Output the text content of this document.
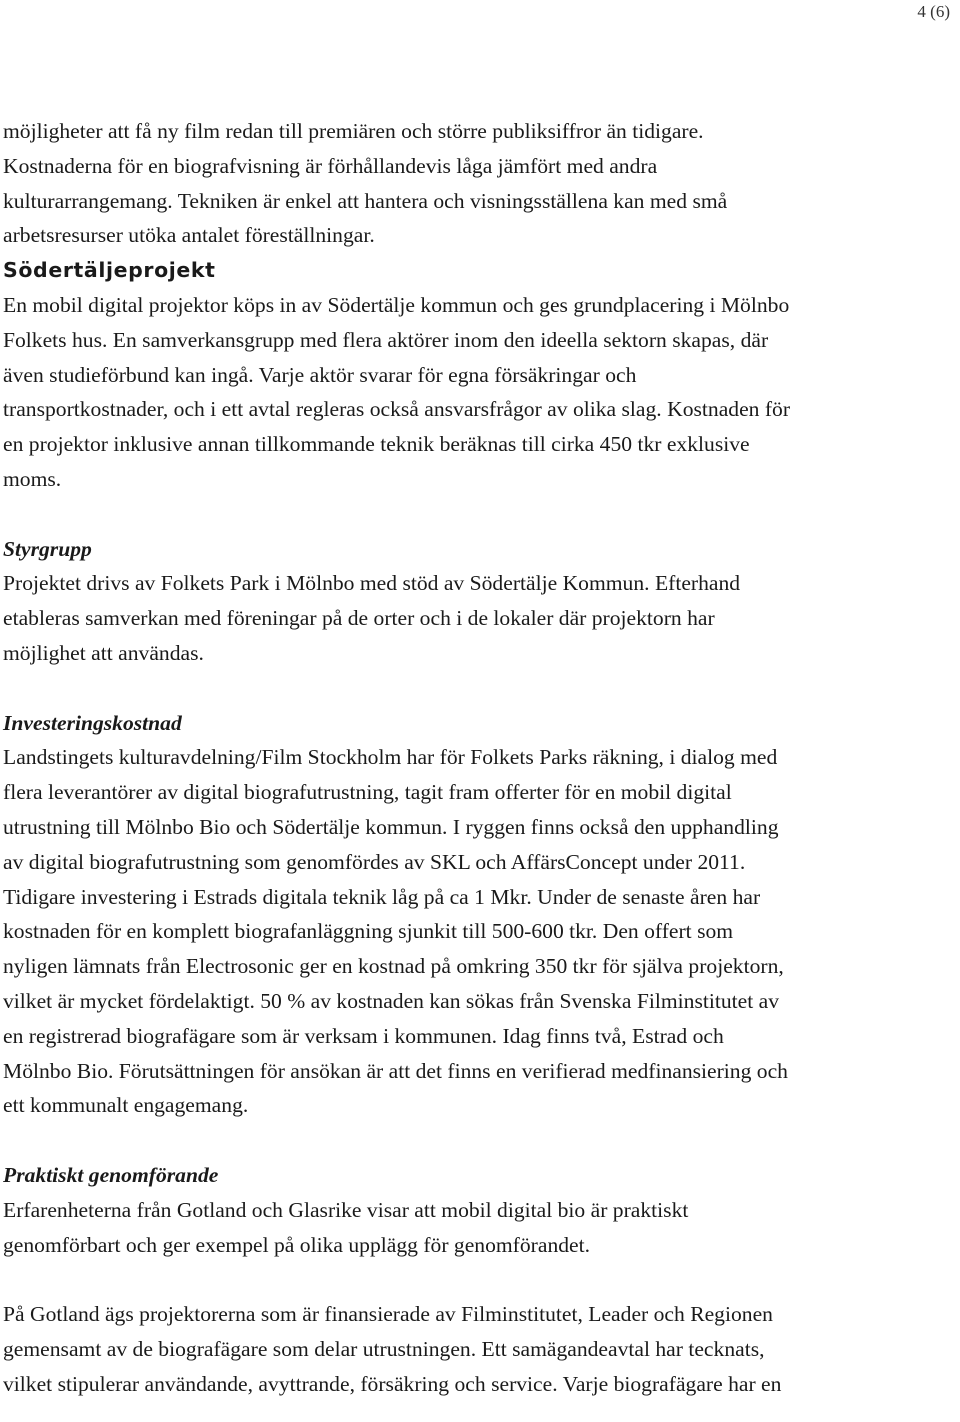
4 (6)

möjligheter att få ny film redan till premiären och större publiksiffror än tidigare.
Kostnaderna för en biografvisning är förhållandevis låga jämfört med andra
kulturarrangemang. Tekniken är enkel att hantera och visningsställena kan med små
arbetsresurser utöka antalet föreställningar.

Södertäljeprojekt

En mobil digital projektor köps in av Södertälje kommun och ges grundplacering i Mölnbo
Folkets hus. En samverkansgrupp med flera aktörer inom den ideella sektorn skapas, där
även studieförbund kan ingå. Varje aktör svarar för egna försäkringar och
transportkostnader, och i ett avtal regleras också ansvarsfrågor av olika slag. Kostnaden för
en projektor inklusive annan tillkommande teknik beräknas till cirka 450 tkr exklusive
moms.

Styrgrupp

Projektet drivs av Folkets Park i Mölnbo med stöd av Södertälje Kommun. Efterhand
etableras samverkan med föreningar på de orter och i de lokaler där projektorn har
möjlighet att användas.

Investeringskostnad

Landstingets kulturavdelning/Film Stockholm har för Folkets Parks räkning, i dialog med
flera leverantörer av digital biografutrustning, tagit fram offerter för en mobil digital
utrustning till Mölnbo Bio och Södertälje kommun. I ryggen finns också den upphandling
av digital biografutrustning som genomfördes av SKL och AffärsConcept under 2011.
Tidigare investering i Estrads digitala teknik låg på ca 1 Mkr. Under de senaste åren har
kostnaden för en komplett biografanläggning sjunkit till 500-600 tkr. Den offert som
nyligen lämnats från Electrosonic ger en kostnad på omkring 350 tkr för själva projektorn,
vilket är mycket fördelaktigt. 50 % av kostnaden kan sökas från Svenska Filminstitutet av
en registrerad biografägare som är verksam i kommunen. Idag finns två, Estrad och
Mölnbo Bio. Förutsättningen för ansökan är att det finns en verifierad medfinansiering och
ett kommunalt engagemang.

Praktiskt genomförande

Erfarenheterna från Gotland och Glasrike visar att mobil digital bio är praktiskt
genomförbart och ger exempel på olika upplägg för genomförandet.

På Gotland ägs projektorerna som är finansierade av Filminstitutet, Leader och Regionen
gemensamt av de biografägare som delar utrustningen. Ett samägandeavtal har tecknats,
vilket stipulerar användande, avyttrande, försäkring och service. Varje biografägare har en
